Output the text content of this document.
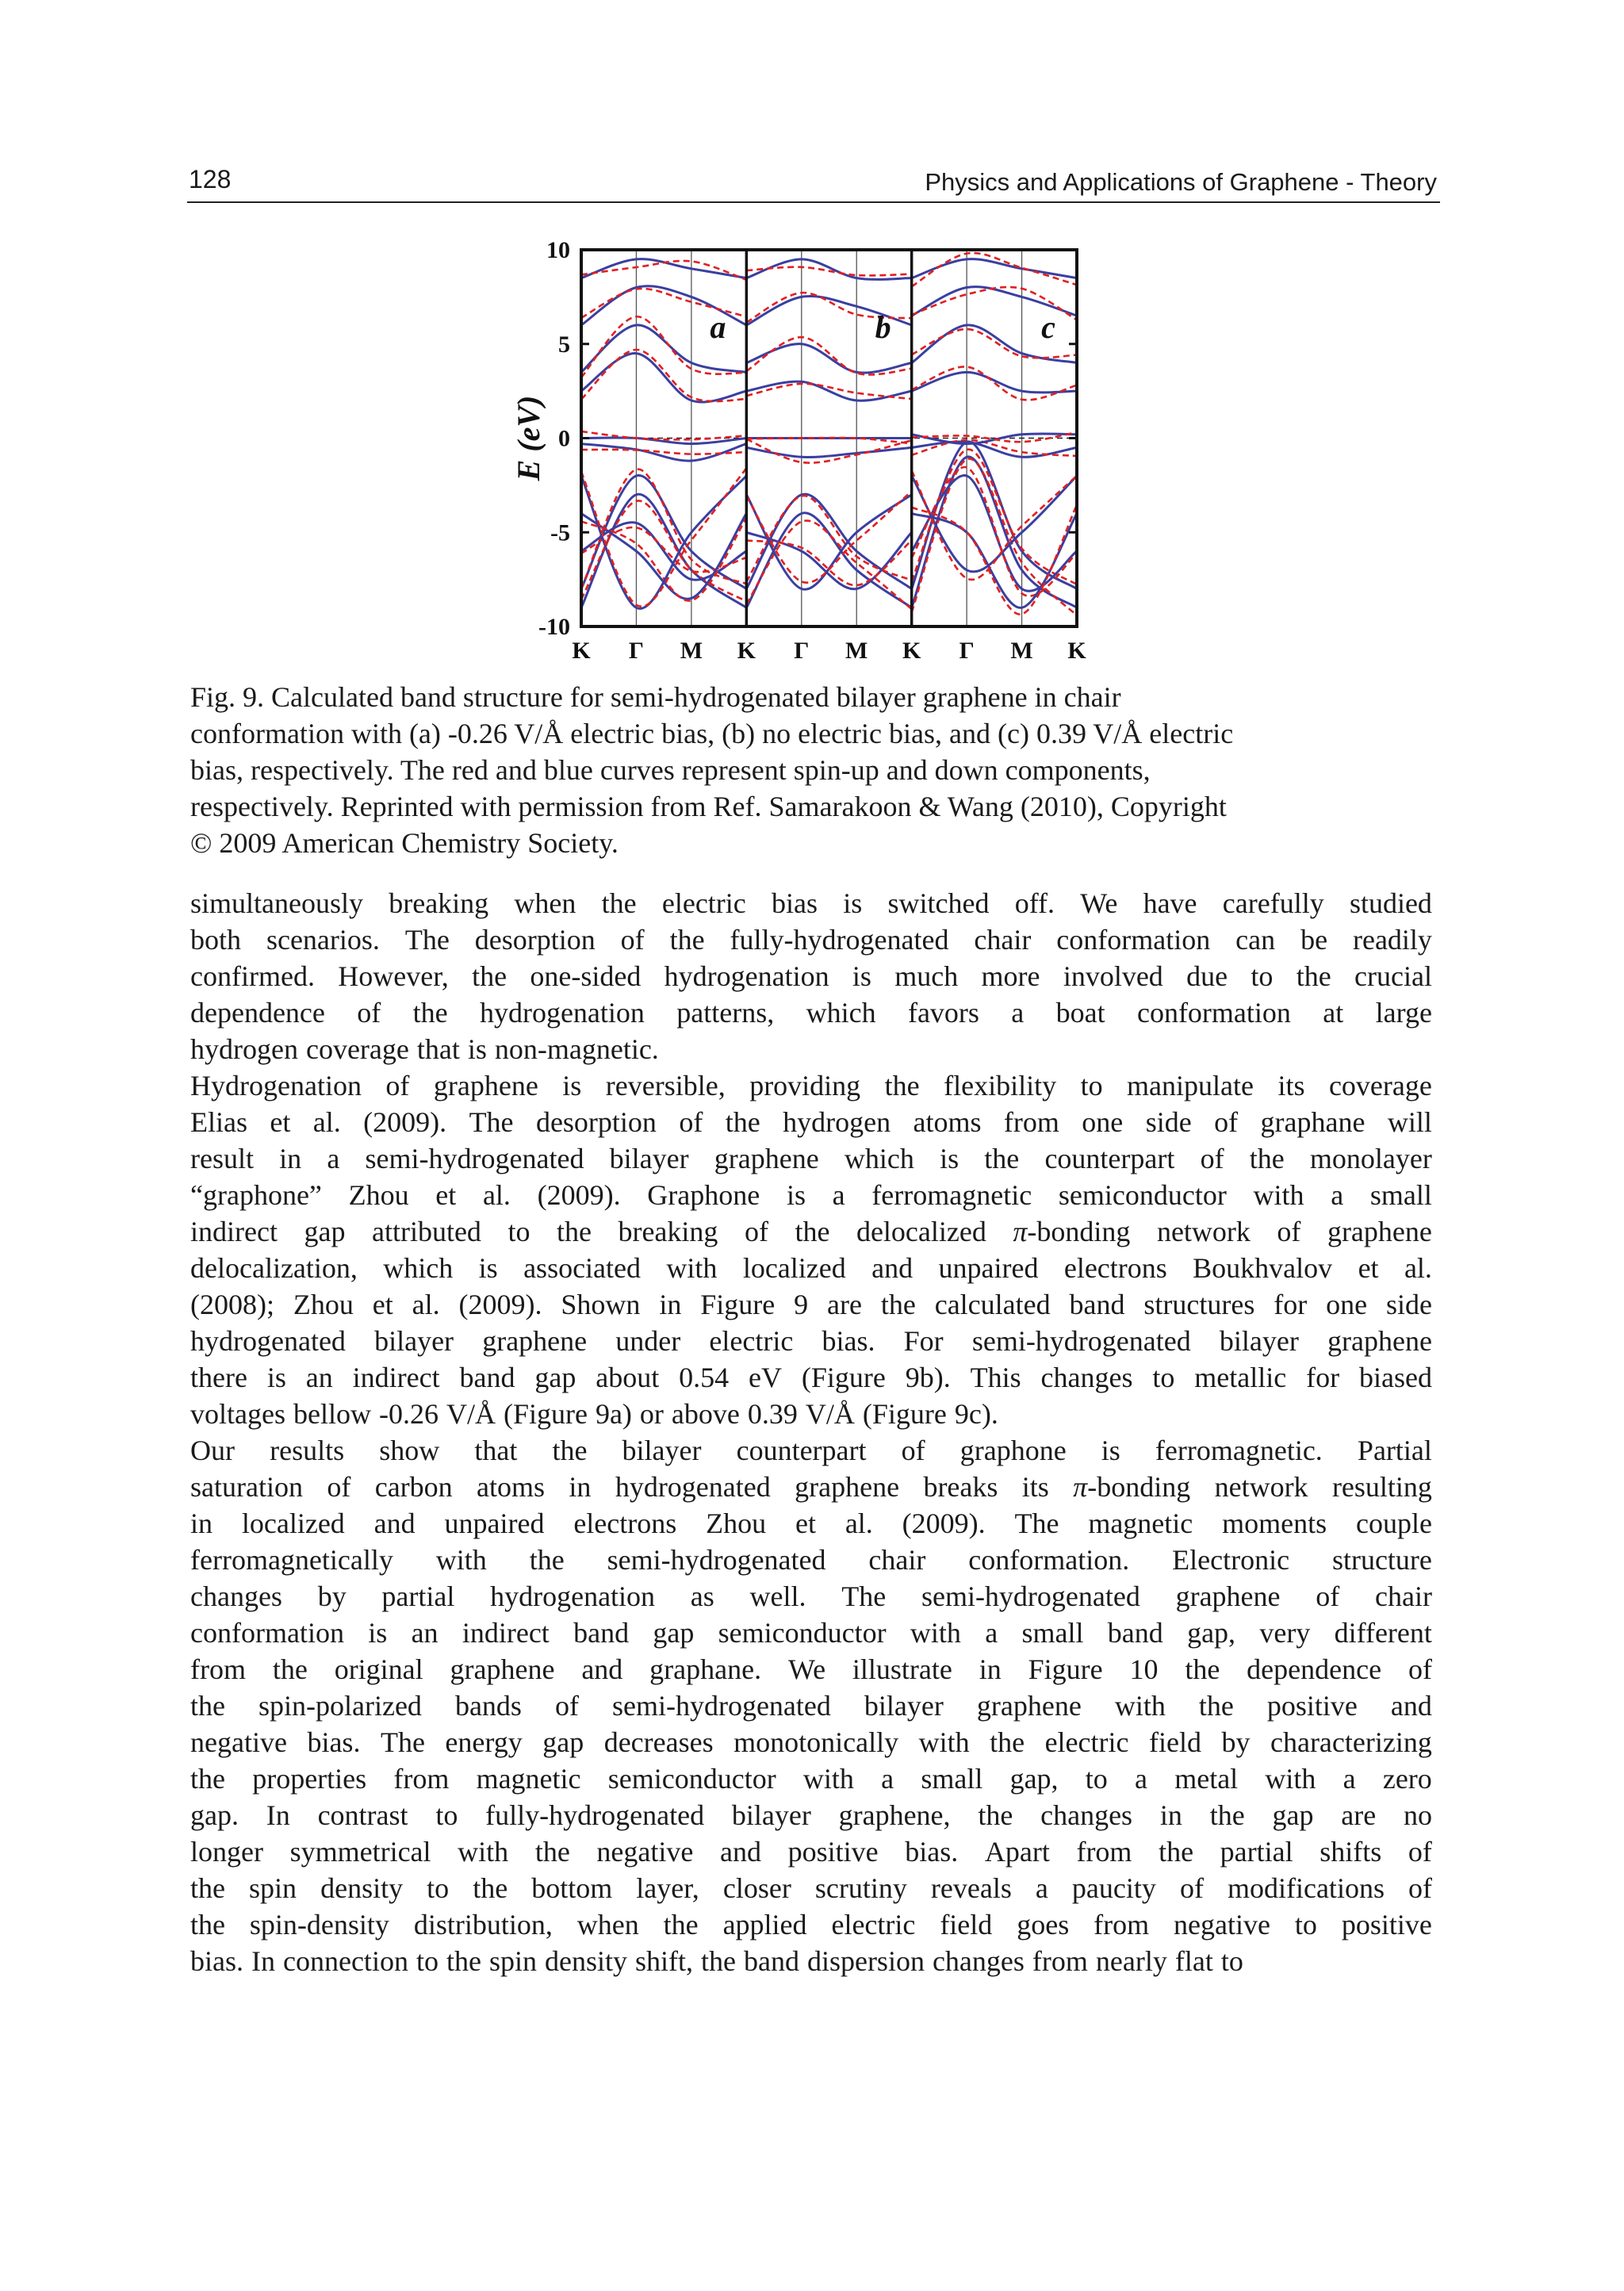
128	Physics and Applications of Graphene - Theory
10
5
0
-5
-10
K Γ M K Γ M K Γ M K
a	b	c
E (eV)
Fig. 9. Calculated band structure for semi-hydrogenated bilayer graphene in chair
conformation with (a) -0.26 V/Å electric bias, (b) no electric bias, and (c) 0.39 V/Å electric
bias, respectively. The red and blue curves represent spin-up and down components,
respectively. Reprinted with permission from Ref. Samarakoon & Wang (2010), Copyright
© 2009 American Chemistry Society.
simultaneously breaking when the electric bias is switched off. We have carefully studied
both scenarios. The desorption of the fully-hydrogenated chair conformation can be readily
confirmed. However, the one-sided hydrogenation is much more involved due to the crucial
dependence of the hydrogenation patterns, which favors a boat conformation at large
hydrogen coverage that is non-magnetic.
Hydrogenation of graphene is reversible, providing the flexibility to manipulate its coverage
Elias et al. (2009). The desorption of the hydrogen atoms from one side of graphane will
result in a semi-hydrogenated bilayer graphene which is the counterpart of the monolayer
“graphone” Zhou et al. (2009). Graphone is a ferromagnetic semiconductor with a small
indirect gap attributed to the breaking of the delocalized π-bonding network of graphene
delocalization, which is associated with localized and unpaired electrons Boukhvalov et al.
(2008); Zhou et al. (2009). Shown in Figure 9 are the calculated band structures for one side
hydrogenated bilayer graphene under electric bias. For semi-hydrogenated bilayer graphene
there is an indirect band gap about 0.54 eV (Figure 9b). This changes to metallic for biased
voltages bellow -0.26 V/Å (Figure 9a) or above 0.39 V/Å (Figure 9c).
Our results show that the bilayer counterpart of graphone is ferromagnetic. Partial
saturation of carbon atoms in hydrogenated graphene breaks its π-bonding network resulting
in localized and unpaired electrons Zhou et al. (2009). The magnetic moments couple
ferromagnetically with the semi-hydrogenated chair conformation. Electronic structure
changes by partial hydrogenation as well. The semi-hydrogenated graphene of chair
conformation is an indirect band gap semiconductor with a small band gap, very different
from the original graphene and graphane. We illustrate in Figure 10 the dependence of
the spin-polarized bands of semi-hydrogenated bilayer graphene with the positive and
negative bias. The energy gap decreases monotonically with the electric field by characterizing
the properties from magnetic semiconductor with a small gap, to a metal with a zero
gap. In contrast to fully-hydrogenated bilayer graphene, the changes in the gap are no
longer symmetrical with the negative and positive bias. Apart from the partial shifts of
the spin density to the bottom layer, closer scrutiny reveals a paucity of modifications of
the spin-density distribution, when the applied electric field goes from negative to positive
bias. In connection to the spin density shift, the band dispersion changes from nearly flat to
